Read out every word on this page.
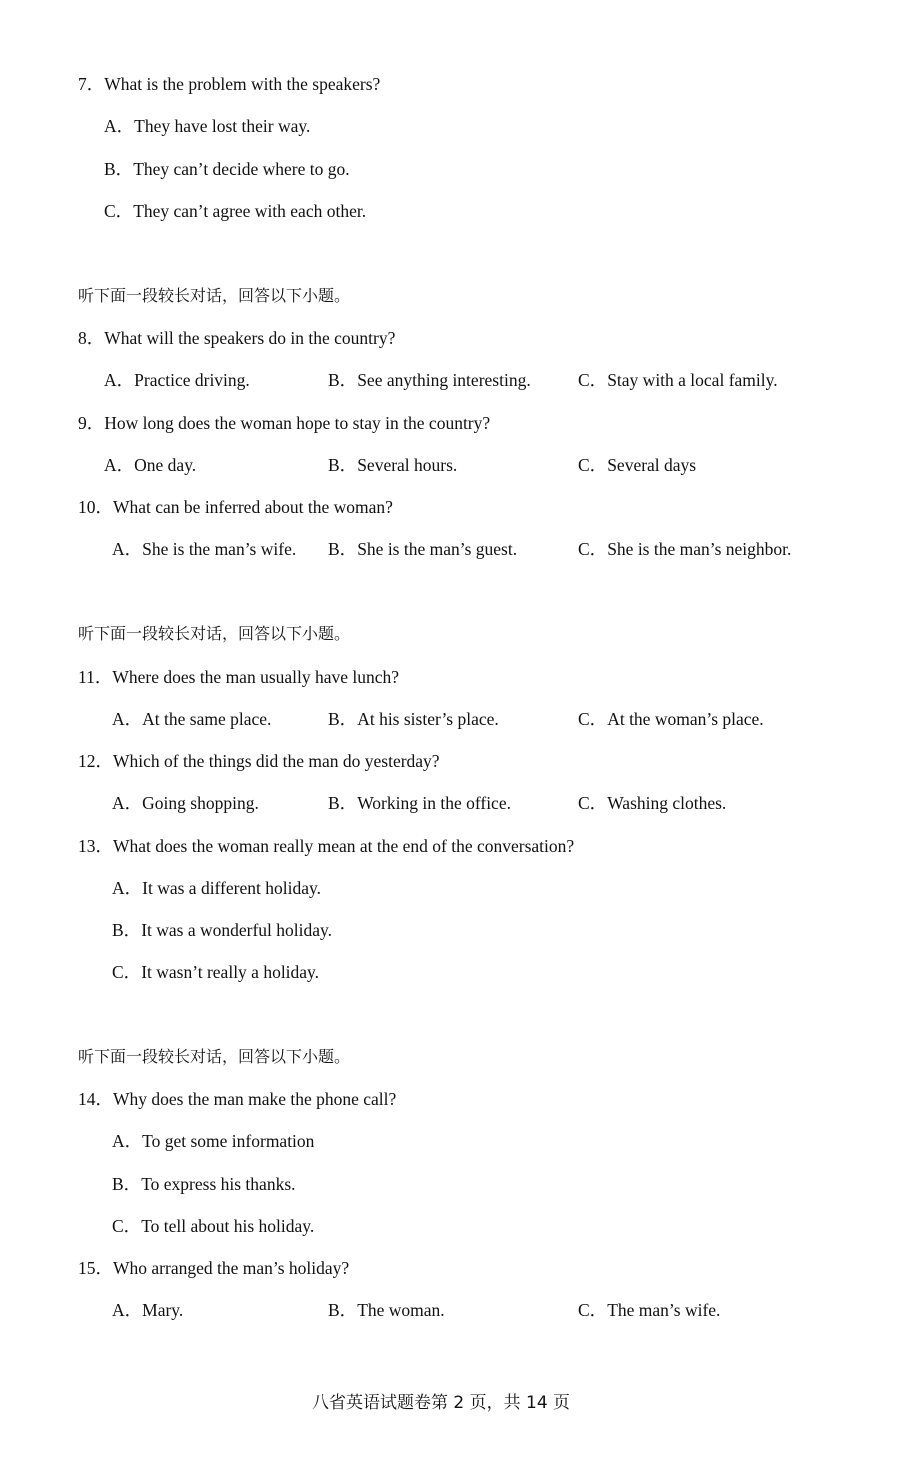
7．What is the problem with the speakers?
A．They have lost their way.
B．They can’t decide where to go.
C．They can’t agree with each other.
听下面一段较长对话，回答以下小题。
8．What will the speakers do in the country?
A．Practice driving.	B．See anything interesting.	C．Stay with a local family.
9．How long does the woman hope to stay in the country?
A．One day.	B．Several hours.	C．Several days
10．What can be inferred about the woman?
A．She is the man’s wife. B．She is the man’s guest.	C．She is the man’s neighbor.
听下面一段较长对话，回答以下小题。
11．Where does the man usually have lunch?
A．At the same place.	B．At his sister’s place.	C．At the woman’s place.
12．Which of the things did the man do yesterday?
A．Going shopping.	B．Working in the office.	C．Washing clothes.
13．What does the woman really mean at the end of the conversation?
A．It was a different holiday.
B．It was a wonderful holiday.
C．It wasn’t really a holiday.
听下面一段较长对话，回答以下小题。
14．Why does the man make the phone call?
A．To get some information
B．To express his thanks.
C．To tell about his holiday.
15．Who arranged the man’s holiday?
A．Mary.	B．The woman.	C．The man’s wife.
八省英语试题卷第 2 页，共 14 页
